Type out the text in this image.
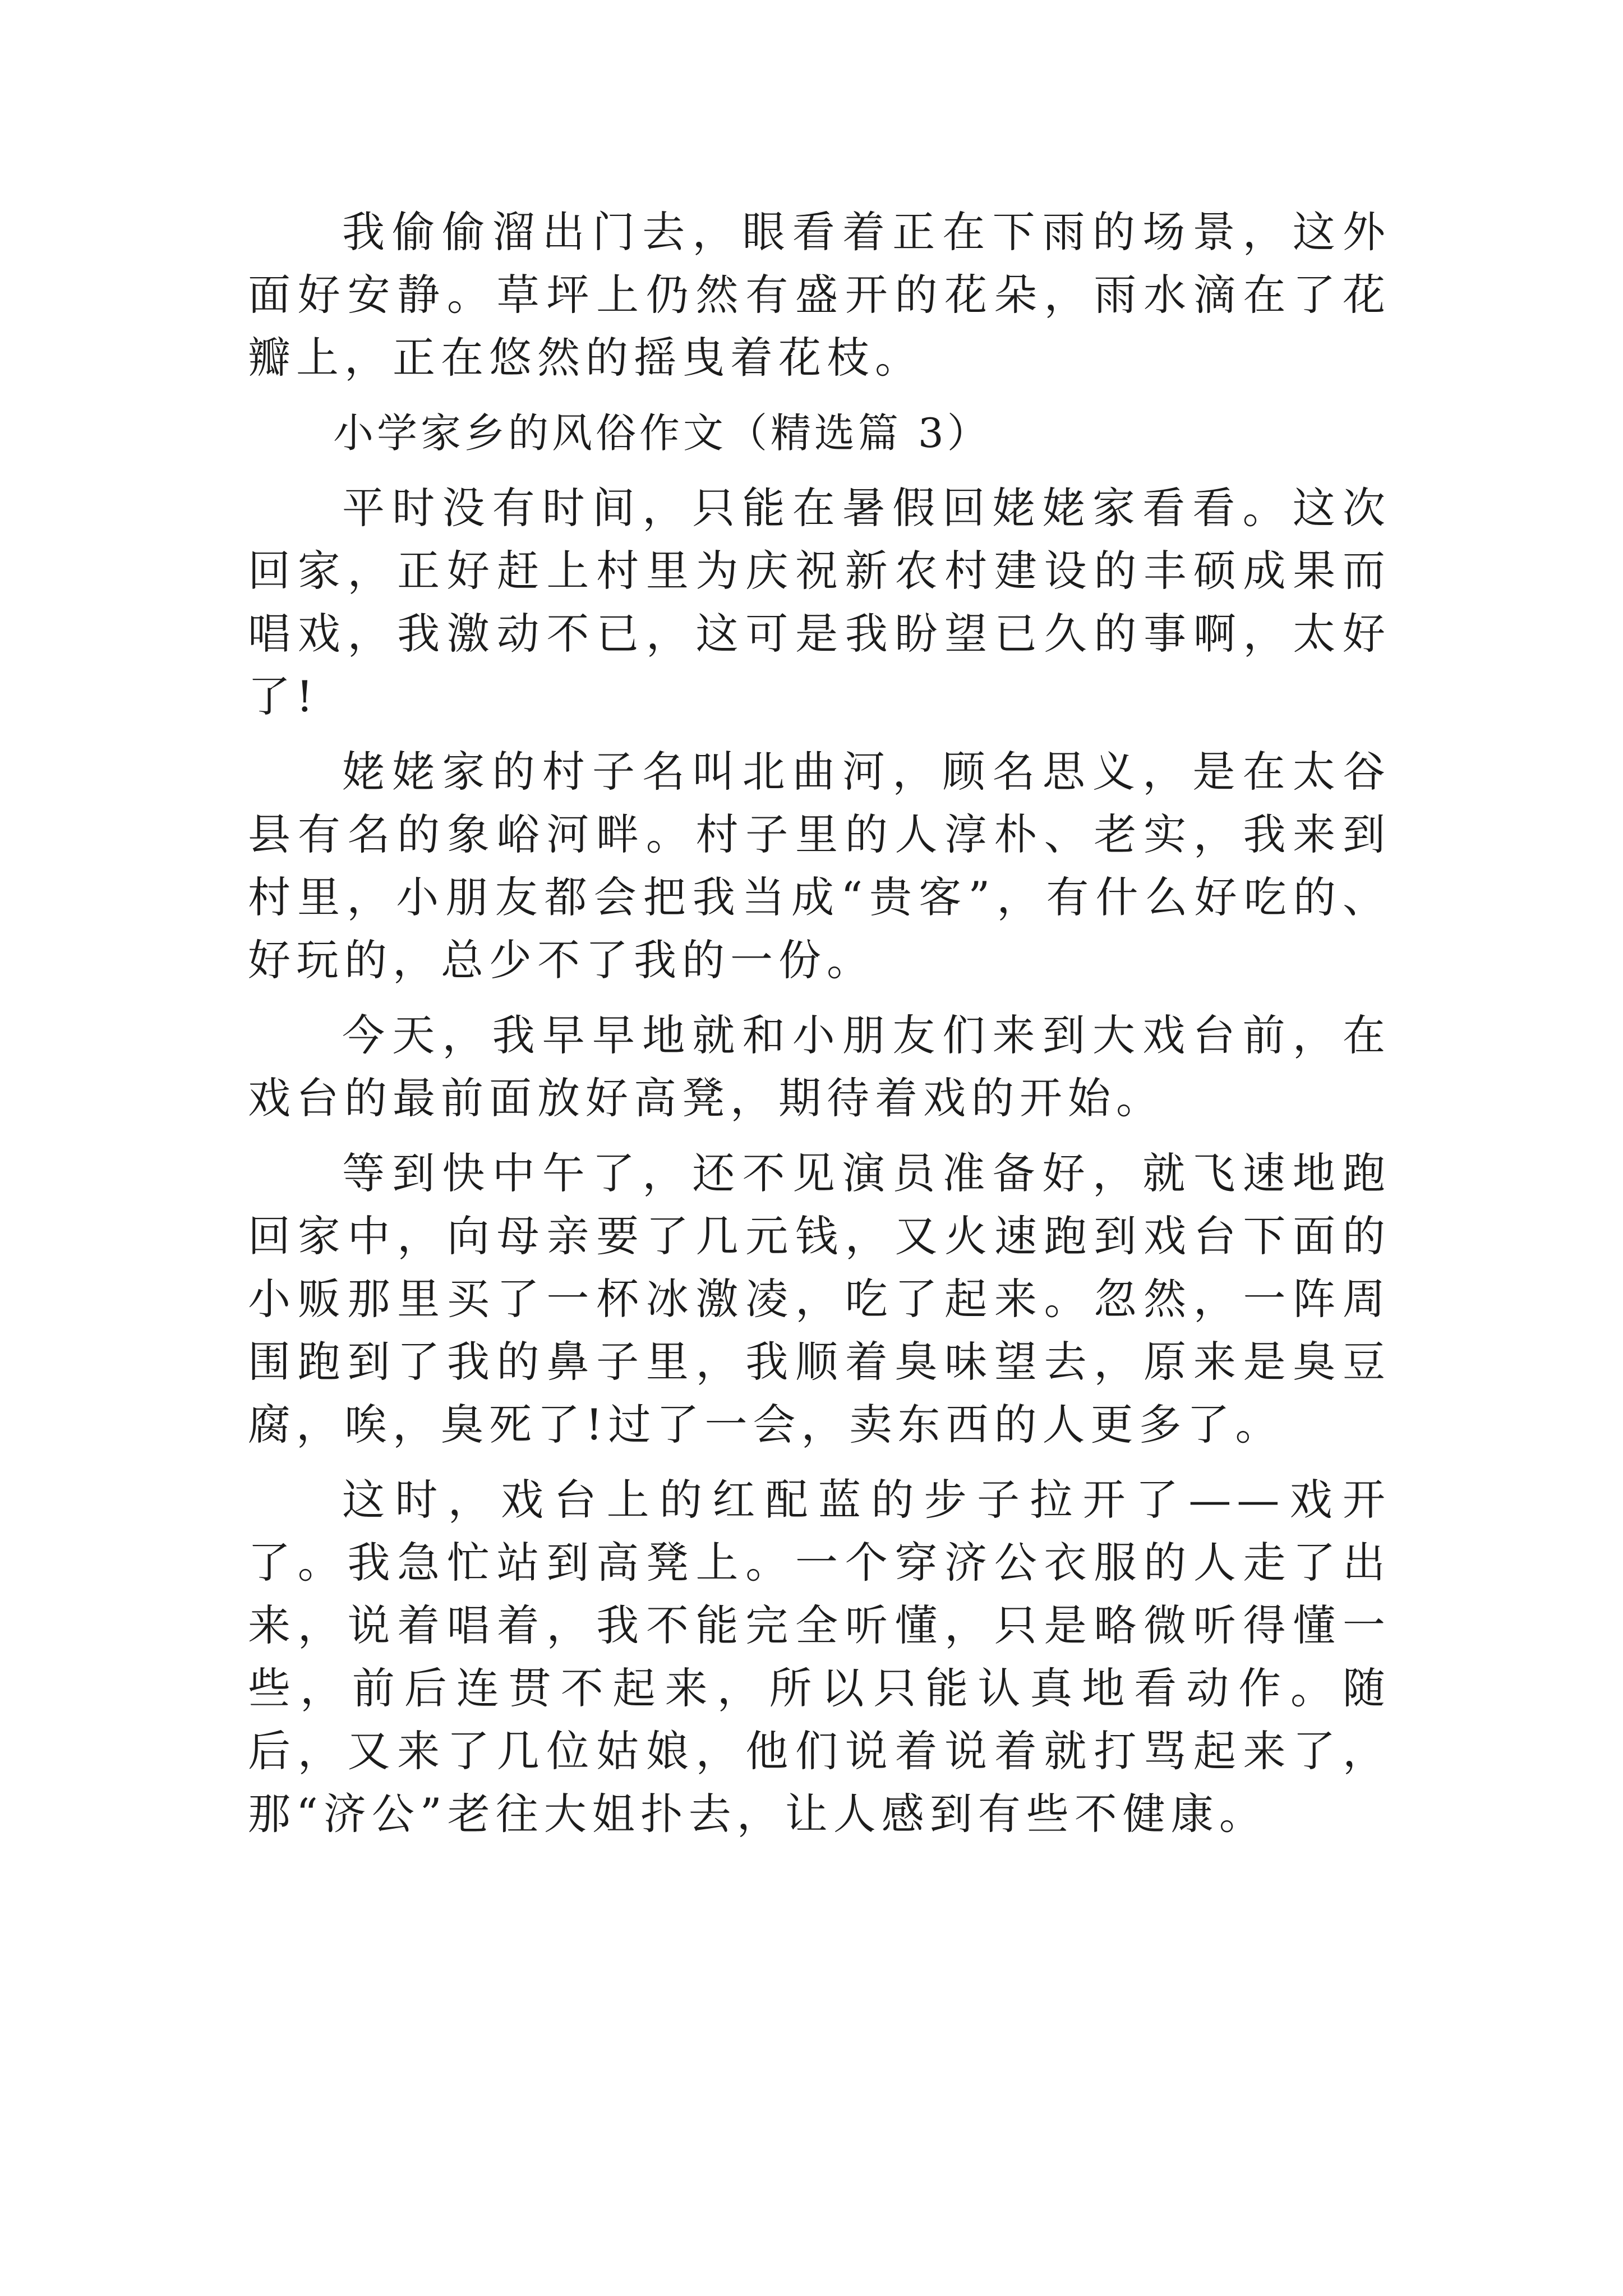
我偷偷溜出门去，眼看着正在下雨的场景，这外面好安静。草坪上仍然有盛开的花朵，雨水滴在了花瓣上，正在悠然的摇曳着花枝。

小学家乡的风俗作文（精选篇 3）

平时没有时间，只能在暑假回姥姥家看看。这次回家，正好赶上村里为庆祝新农村建设的丰硕成果而唱戏，我激动不已，这可是我盼望已久的事啊，太好了!

姥姥家的村子名叫北曲河，顾名思义，是在太谷县有名的象峪河畔。村子里的人淳朴、老实，我来到村里，小朋友都会把我当成“贵客”，有什么好吃的、好玩的，总少不了我的一份。

今天，我早早地就和小朋友们来到大戏台前，在戏台的最前面放好高凳，期待着戏的开始。

等到快中午了，还不见演员准备好，就飞速地跑回家中，向母亲要了几元钱，又火速跑到戏台下面的小贩那里买了一杯冰激凌，吃了起来。忽然，一阵周围跑到了我的鼻子里，我顺着臭味望去，原来是臭豆腐，唉，臭死了!过了一会，卖东西的人更多了。

这时，戏台上的红配蓝的步子拉开了——戏开了。我急忙站到高凳上。一个穿济公衣服的人走了出来，说着唱着，我不能完全听懂，只是略微听得懂一些，前后连贯不起来，所以只能认真地看动作。随后，又来了几位姑娘，他们说着说着就打骂起来了，那“济公”老往大姐扑去，让人感到有些不健康。
